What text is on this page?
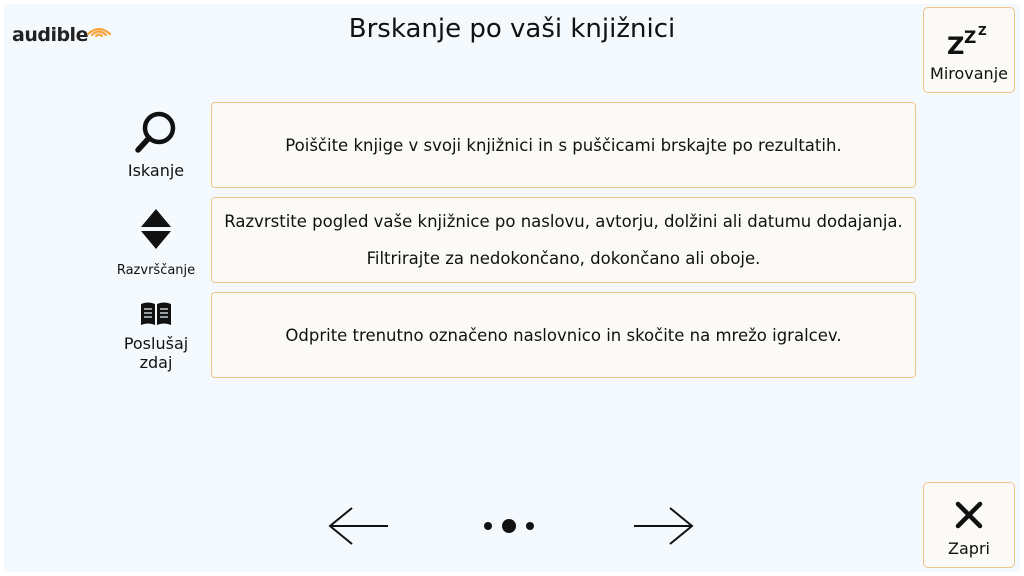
audible	Brskanje po vaši knjižnici
Z Z Z
Mirovanje
Iskanje

Poiščite knjige v svoji knjižnici in s puščicami brskajte po rezultatih.

Razvrščanje

Razvrstite pogled vaše knjižnice po naslovu, avtorju, dolžini ali datumu dodajanja.

Filtrirajte za nedokončano, dokončano ali oboje.

Poslušaj zdaj

Odprite trenutno označeno naslovnico in skočite na mrežo igralcev.

Zapri
